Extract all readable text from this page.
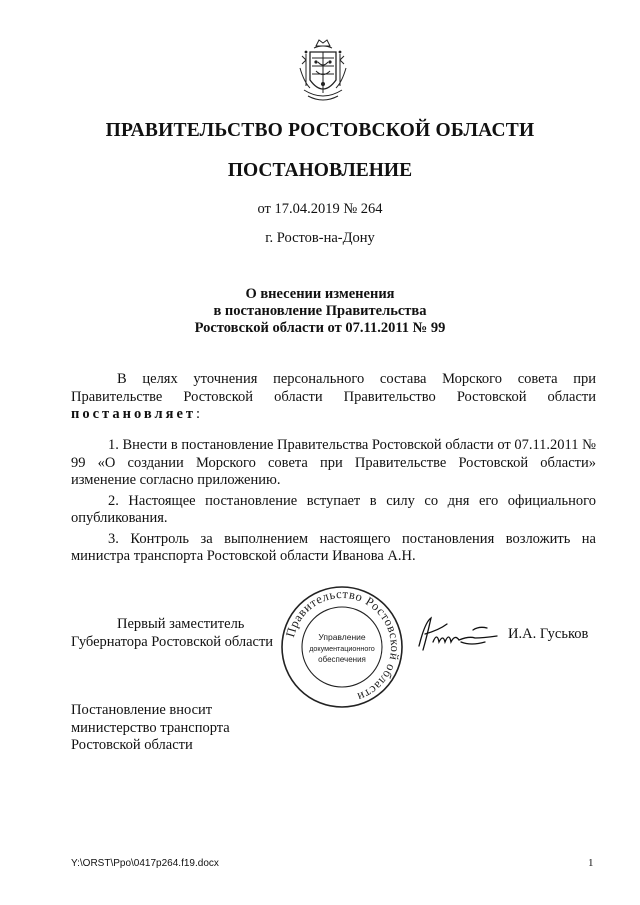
ПРАВИТЕЛЬСТВО РОСТОВСКОЙ ОБЛАСТИ
ПОСТАНОВЛЕНИЕ
от 17.04.2019 № 264
г. Ростов-на-Дону
О внесении изменения
в постановление Правительства
Ростовской области от 07.11.2011 № 99
В целях уточнения персонального состава Морского совета при Правительстве Ростовской области Правительство Ростовской области постановляет:

1. Внести в постановление Правительства Ростовской области от 07.11.2011 № 99 «О создании Морского совета при Правительстве Ростовской области» изменение согласно приложению.

2. Настоящее постановление вступает в силу со дня его официального опубликования.

3. Контроль за выполнением настоящего постановления возложить на министра транспорта Ростовской области Иванова А.Н.

Первый заместитель
Губернатора Ростовской области
Правительство Ростовской области
Управление
документационного
обеспечения
И.А. Гуськов
Постановление вносит
министерство транспорта
Ростовской области
Y:\ORST\Ppo\0417p264.f19.docx	1
